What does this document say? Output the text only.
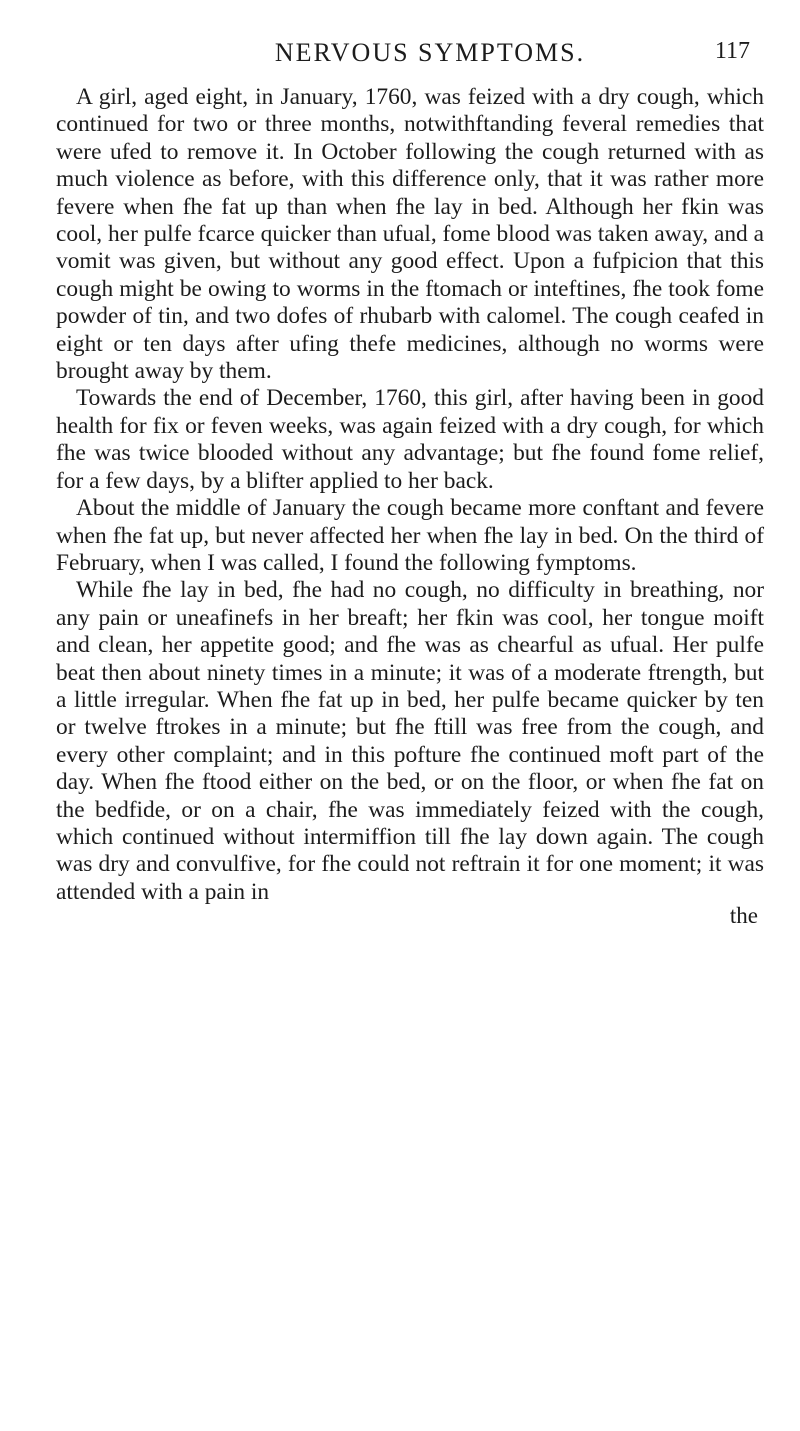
NERVOUS SYMPTOMS.	117

A girl, aged eight, in January, 1760, was feized with a dry cough, which continued for two or three months, notwithftanding feveral remedies that were ufed to remove it. In October following the cough returned with as much violence as before, with this difference only, that it was rather more fevere when fhe fat up than when fhe lay in bed. Although her fkin was cool, her pulfe fcarce quicker than ufual, fome blood was taken away, and a vomit was given, but without any good effect. Upon a fufpicion that this cough might be owing to worms in the ftomach or inteftines, fhe took fome powder of tin, and two dofes of rhubarb with calomel. The cough ceafed in eight or ten days after ufing thefe medicines, although no worms were brought away by them.

Towards the end of December, 1760, this girl, after having been in good health for fix or feven weeks, was again feized with a dry cough, for which fhe was twice blooded without any advantage; but fhe found fome relief, for a few days, by a blifter applied to her back.

About the middle of January the cough became more conftant and fevere when fhe fat up, but never affected her when fhe lay in bed. On the third of February, when I was called, I found the following fymptoms.

While fhe lay in bed, fhe had no cough, no difficulty in breathing, nor any pain or uneafinefs in her breaft; her fkin was cool, her tongue moift and clean, her appetite good; and fhe was as chearful as ufual. Her pulfe beat then about ninety times in a minute; it was of a moderate ftrength, but a little irregular. When fhe fat up in bed, her pulfe became quicker by ten or twelve ftrokes in a minute; but fhe ftill was free from the cough, and every other complaint; and in this pofture fhe continued moft part of the day. When fhe ftood either on the bed, or on the floor, or when fhe fat on the bedfide, or on a chair, fhe was immediately feized with the cough, which continued without intermiffion till fhe lay down again. The cough was dry and convulfive, for fhe could not reftrain it for one moment; it was attended with a pain in

the
